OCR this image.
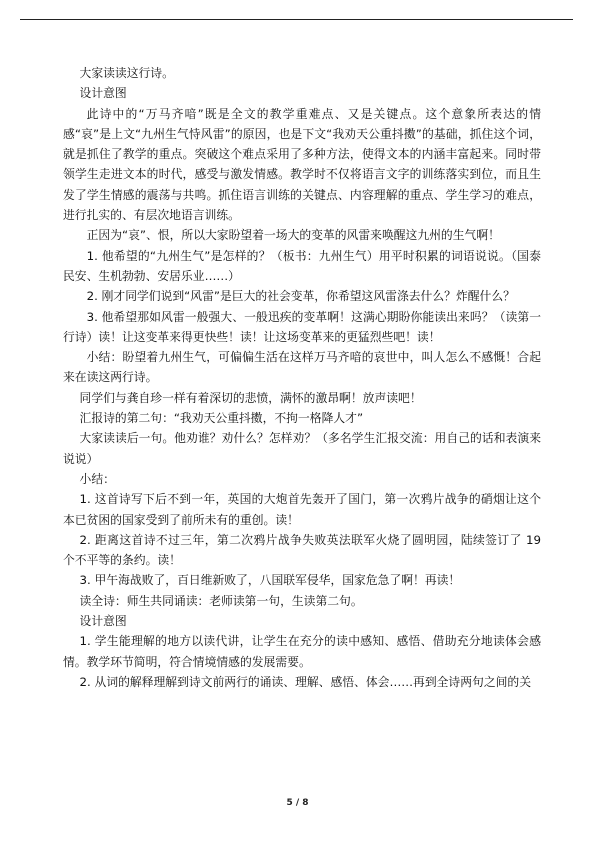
大家读读这行诗。

设计意图

此诗中的“万马齐喑”既是全文的教学重难点、又是关键点。这个意象所表达的情感“哀”是上文“九州生气恃风雷”的原因，也是下文“我劝天公重抖擞”的基础，抓住这个词，就是抓住了教学的重点。突破这个难点采用了多种方法，使得文本的内涵丰富起来。同时带领学生走进文本的时代，感受与激发情感。教学时不仅将语言文字的训练落实到位，而且生发了学生情感的震荡与共鸣。抓住语言训练的关键点、内容理解的重点、学生学习的难点，进行扎实的、有层次地语言训练。

正因为“哀”、恨，所以大家盼望着一场大的变革的风雷来唤醒这九州的生气啊！

1. 他希望的“九州生气”是怎样的？（板书：九州生气）用平时积累的词语说说。（国泰民安、生机勃勃、安居乐业……）

2. 刚才同学们说到“风雷”是巨大的社会变革，你希望这风雷涤去什么？炸醒什么？

3. 他希望那如风雷一般强大、一般迅疾的变革啊！这满心期盼你能读出来吗？（读第一行诗）读！让这变革来得更快些！读！让这场变革来的更猛烈些吧！读！

小结：盼望着九州生气，可偏偏生活在这样万马齐喑的哀世中，叫人怎么不感慨！合起来在读这两行诗。

同学们与龚自珍一样有着深切的悲愤，满怀的激昂啊！放声读吧！

汇报诗的第二句：“我劝天公重抖擞，不拘一格降人才”

大家读读后一句。他劝谁？劝什么？怎样劝？（多名学生汇报交流：用自己的话和表演来说说）

小结：

1. 这首诗写下后不到一年，英国的大炮首先轰开了国门，第一次鸦片战争的硝烟让这个本已贫困的国家受到了前所未有的重创。读！

2. 距离这首诗不过三年，第二次鸦片战争失败英法联军火烧了圆明园，陆续签订了 19 个不平等的条约。读！

3. 甲午海战败了，百日维新败了，八国联军侵华，国家危急了啊！再读！

读全诗：师生共同诵读：老师读第一句，生读第二句。

设计意图

1. 学生能理解的地方以读代讲，让学生在充分的读中感知、感悟、借助充分地读体会感情。教学环节简明，符合情境情感的发展需要。

2. 从词的解释理解到诗文前两行的诵读、理解、感悟、体会……再到全诗两句之间的关

5 / 8
